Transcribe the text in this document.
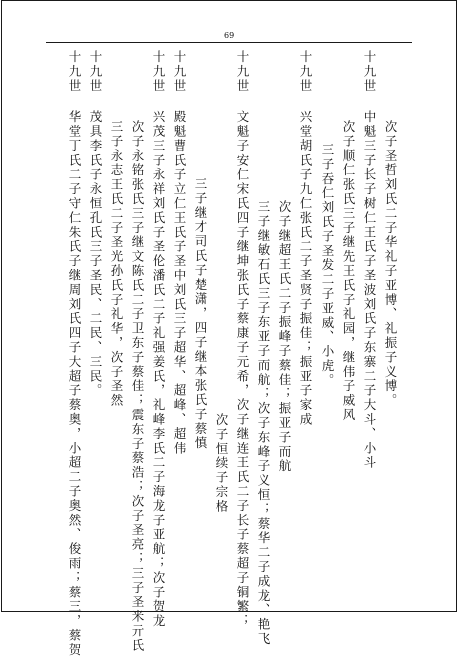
69
次子圣哲刘氏二子华礼子亚博、礼振子义博。
十九世 中魁三子长子树仁王氏子圣波刘氏子东寨二子大斗、小斗
次子顺仁张氏三子继先王氏子礼园，继伟子威风
三子吞仁刘氏子圣发二子亚威、小虎。
十九世 兴堂胡氏子九仁张氏二子圣贤子振佳；振亚子家成
次子继超王氏二子振峰子蔡佳；振亚子而航
三子继敏石氏三子东亚子而航；次子东峰子义恒；蔡华二子成龙、艳飞
十九世 文魁子安仁宋氏四子继坤张氏子蔡康子元希，次子继连王氏二子长子蔡超子铜繁；
次子恒续子宗格
三子继才司氏子楚潇，四子继本张氏子蔡慎
十九世 殿魁曹氏子立仁王氏子圣中刘氏三子超华、超峰、超伟
十九世 兴茂三子永祥刘氏子圣伦潘氏二子礼强姜氏，礼峰李氏二子海龙子亚航；次子贺龙
次子永铭张氏三子继文陈氏二子卫东子蔡佳；震东子蔡浩；次子圣亮；三子圣米亓氏
三子永志王氏二子圣光孙氏子礼华，次子圣然
十九世 茂具李氏子永恒孔氏三子圣民、二民、三民。
十九世 华堂丁氏二子守仁朱氏子继周刘氏四子大超子蔡奥，小超二子奥然、俊雨；蔡三，蔡贺
